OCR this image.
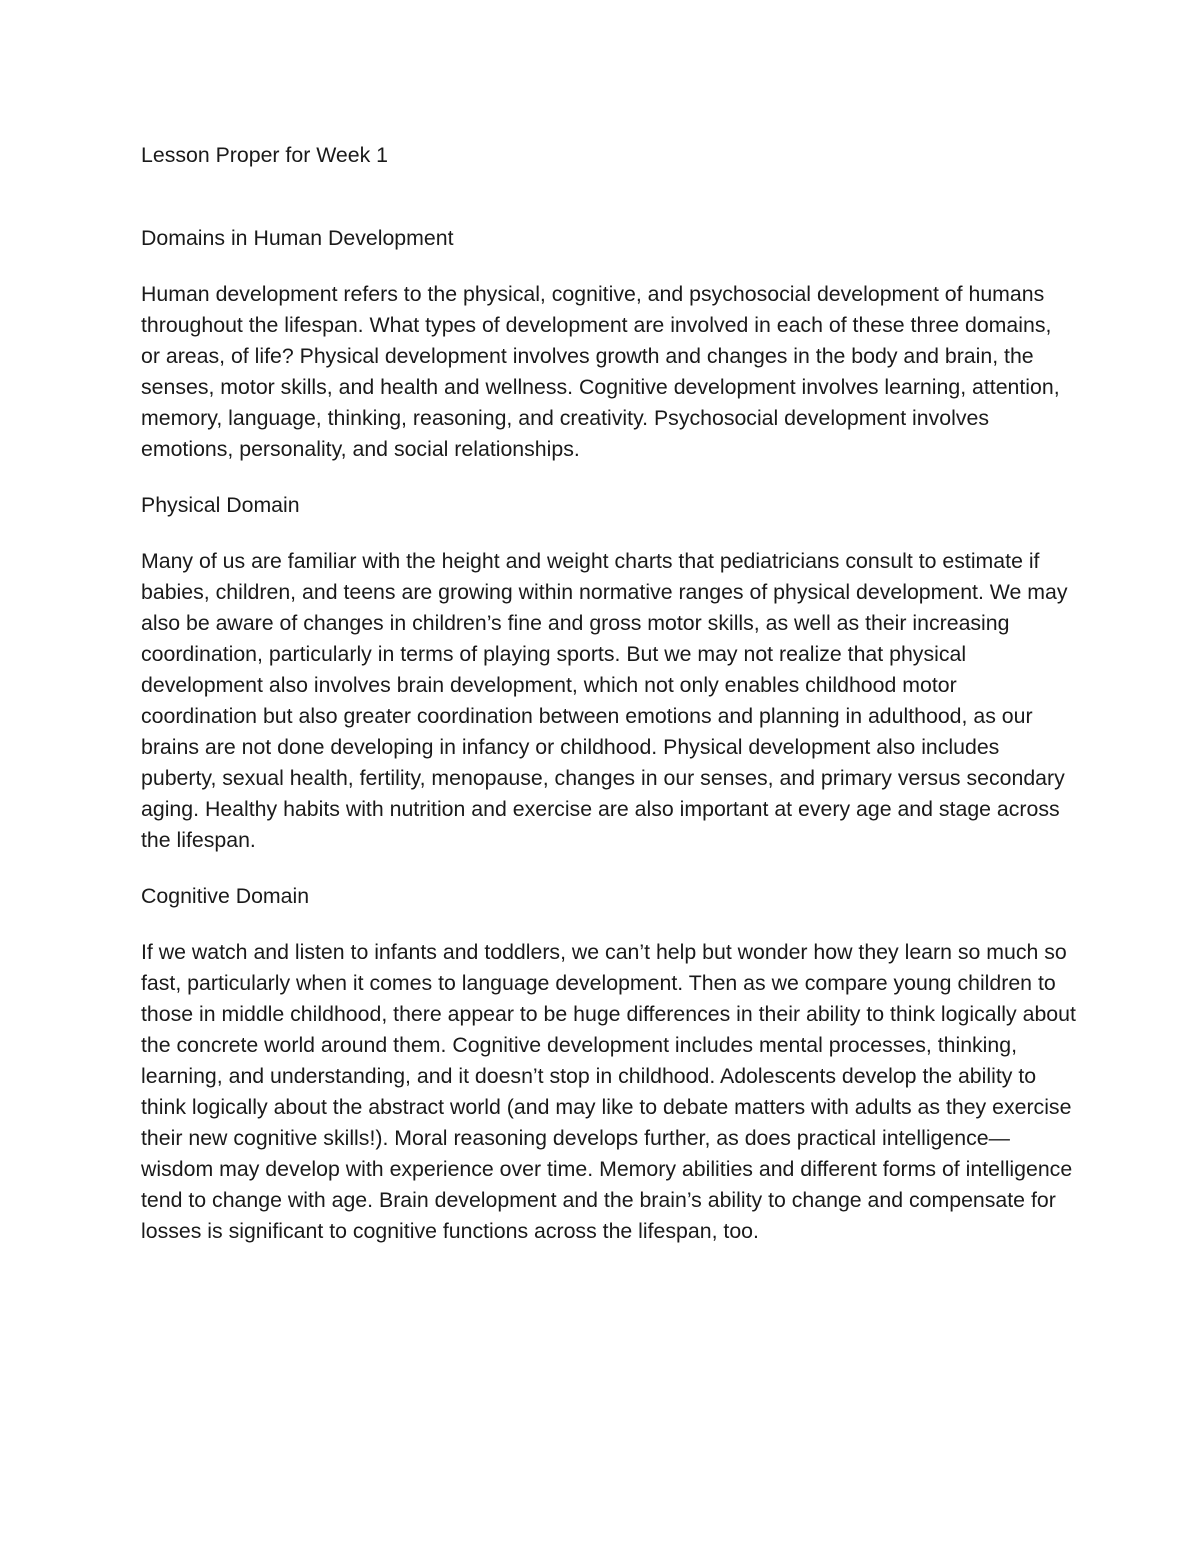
Lesson Proper for Week 1

Domains in Human Development

Human development refers to the physical, cognitive, and psychosocial development of humans throughout the lifespan. What types of development are involved in each of these three domains, or areas, of life? Physical development involves growth and changes in the body and brain, the senses, motor skills, and health and wellness. Cognitive development involves learning, attention, memory, language, thinking, reasoning, and creativity. Psychosocial development involves emotions, personality, and social relationships.

Physical Domain

Many of us are familiar with the height and weight charts that pediatricians consult to estimate if babies, children, and teens are growing within normative ranges of physical development. We may also be aware of changes in children’s fine and gross motor skills, as well as their increasing coordination, particularly in terms of playing sports. But we may not realize that physical development also involves brain development, which not only enables childhood motor coordination but also greater coordination between emotions and planning in adulthood, as our brains are not done developing in infancy or childhood. Physical development also includes puberty, sexual health, fertility, menopause, changes in our senses, and primary versus secondary aging. Healthy habits with nutrition and exercise are also important at every age and stage across the lifespan.

Cognitive Domain

If we watch and listen to infants and toddlers, we can’t help but wonder how they learn so much so fast, particularly when it comes to language development. Then as we compare young children to those in middle childhood, there appear to be huge differences in their ability to think logically about the concrete world around them. Cognitive development includes mental processes, thinking, learning, and understanding, and it doesn’t stop in childhood. Adolescents develop the ability to think logically about the abstract world (and may like to debate matters with adults as they exercise their new cognitive skills!). Moral reasoning develops further, as does practical intelligence—wisdom may develop with experience over time. Memory abilities and different forms of intelligence tend to change with age. Brain development and the brain’s ability to change and compensate for losses is significant to cognitive functions across the lifespan, too.
